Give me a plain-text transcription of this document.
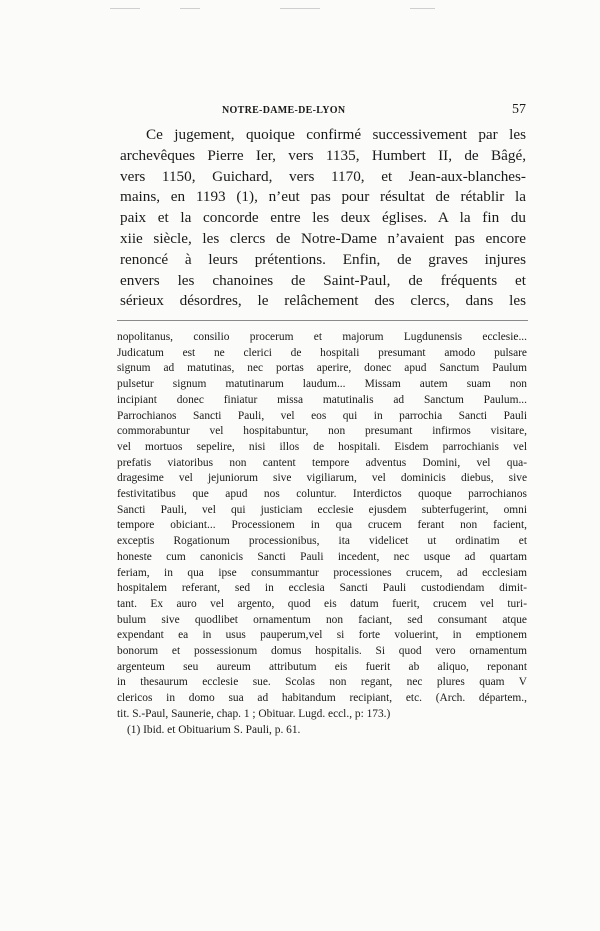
NOTRE-DAME-DE-LYON	57
Ce jugement, quoique confirmé successivement par les
archevêques Pierre Ier, vers 1135, Humbert II, de Bâgé,
vers 1150, Guichard, vers 1170, et Jean-aux-blanches-
mains, en 1193 (1), n’eut pas pour résultat de rétablir la
paix et la concorde entre les deux églises. A la fin du
xiie siècle, les clercs de Notre-Dame n’avaient pas encore
renoncé à leurs prétentions. Enfin, de graves injures
envers les chanoines de Saint-Paul, de fréquents et
sérieux désordres, le relâchement des clercs, dans les
nopolitanus, consilio procerum et majorum Lugdunensis ecclesie...
Judicatum est ne clerici de hospitali presumant amodo pulsare
signum ad matutinas, nec portas aperire, donec apud Sanctum Paulum
pulsetur signum matutinarum laudum... Missam autem suam non
incipiant donec finiatur missa matutinalis ad Sanctum Paulum...
Parrochianos Sancti Pauli, vel eos qui in parrochia Sancti Pauli
commorabuntur vel hospitabuntur, non presumant infirmos visitare,
vel mortuos sepelire, nisi illos de hospitali. Eisdem parrochianis vel
prefatis viatoribus non cantent tempore adventus Domini, vel qua-
dragesime vel jejuniorum sive vigiliarum, vel dominicis diebus, sive
festivitatibus que apud nos coluntur. Interdictos quoque parrochianos
Sancti Pauli, vel qui justiciam ecclesie ejusdem subterfugerint, omni
tempore obiciant... Processionem in qua crucem ferant non facient,
exceptis Rogationum processionibus, ita videlicet ut ordinatim et
honeste cum canonicis Sancti Pauli incedent, nec usque ad quartam
feriam, in qua ipse consummantur processiones crucem, ad ecclesiam
hospitalem referant, sed in ecclesia Sancti Pauli custodiendam dimit-
tant. Ex auro vel argento, quod eis datum fuerit, crucem vel turi-
bulum sive quodlibet ornamentum non faciant, sed consumant atque
expendant ea in usus pauperum,vel si forte voluerint, in emptionem
bonorum et possessionum domus hospitalis. Si quod vero ornamentum
argenteum seu aureum attributum eis fuerit ab aliquo, reponant
in thesaurum ecclesie sue. Scolas non regant, nec plures quam V
clericos in domo sua ad habitandum recipiant, etc. (Arch. départem.,
tit. S.-Paul, Saunerie, chap. 1 ; Obituar. Lugd. eccl., p: 173.)
(1) Ibid. et Obituarium S. Pauli, p. 61.
